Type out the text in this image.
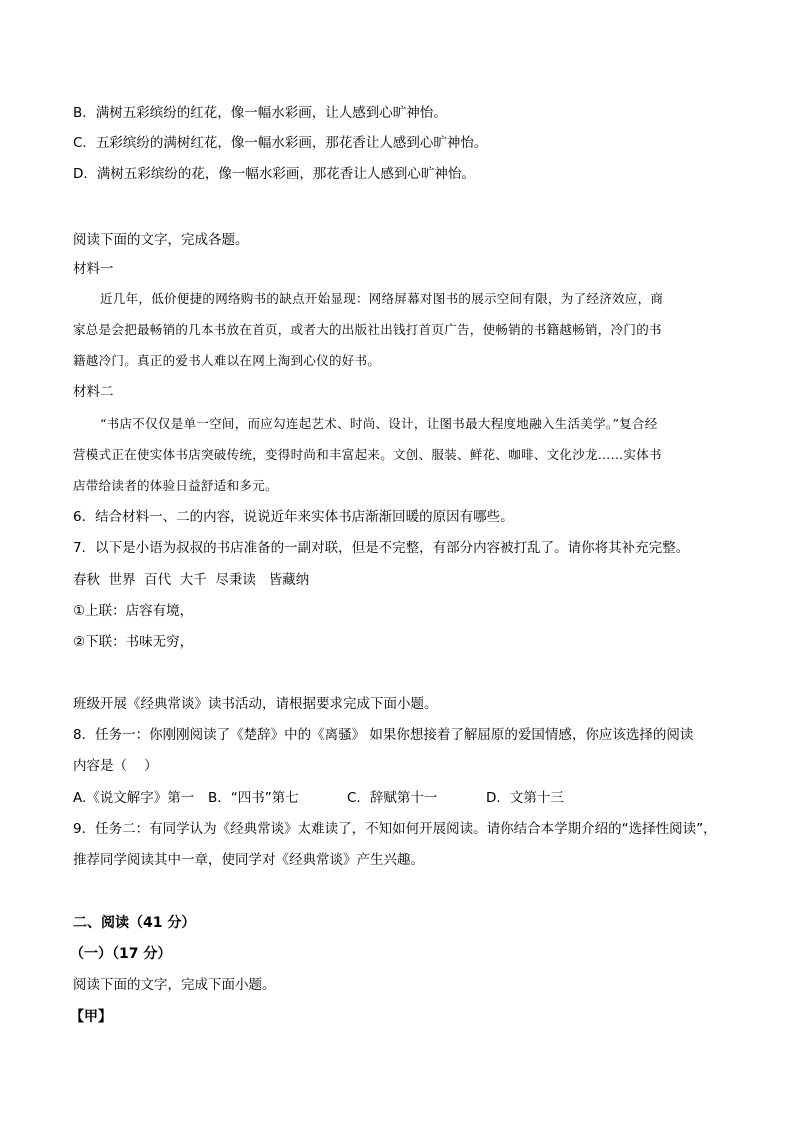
B．满树五彩缤纷的红花，像一幅水彩画，让人感到心旷神怡。
C．五彩缤纷的满树红花，像一幅水彩画，那花香让人感到心旷神怡。
D．满树五彩缤纷的花，像一幅水彩画，那花香让人感到心旷神怡。
阅读下面的文字，完成各题。
材料一
近几年，低价便捷的网络购书的缺点开始显现：网络屏幕对图书的展示空间有限，为了经济效应，商
家总是会把最畅销的几本书放在首页，或者大的出版社出钱打首页广告，使畅销的书籍越畅销，冷门的书
籍越冷门。真正的爱书人难以在网上淘到心仪的好书。
材料二
“书店不仅仅是单一空间，而应勾连起艺术、时尚、设计，让图书最大程度地融入生活美学。”复合经
营模式正在使实体书店突破传统，变得时尚和丰富起来。文创、服装、鲜花、咖啡、文化沙龙……实体书
店带给读者的体验日益舒适和多元。
6．结合材料一、二的内容，说说近年来实体书店渐渐回暖的原因有哪些。
7．以下是小语为叔叔的书店准备的一副对联，但是不完整，有部分内容被打乱了。请你将其补充完整。
春秋  世界  百代  大千  尽秉读   皆藏纳
①上联：店容有境，
②下联：书味无穷，
班级开展《经典常谈》读书活动，请根据要求完成下面小题。
8．任务一：你刚刚阅读了《楚辞》中的《离骚》 如果你想接着了解屈原的爱国情感，你应该选择的阅读
内容是（    ）
A.《说文解字》第一 B．“四书”第七	C．辞赋第十一	D．文第十三
9．任务二：有同学认为《经典常谈》太难读了，不知如何开展阅读。请你结合本学期介绍的“选择性阅读”，
推荐同学阅读其中一章，使同学对《经典常谈》产生兴趣。
二、阅读（41 分）
（一）（17 分）
阅读下面的文字，完成下面小题。
【甲】
